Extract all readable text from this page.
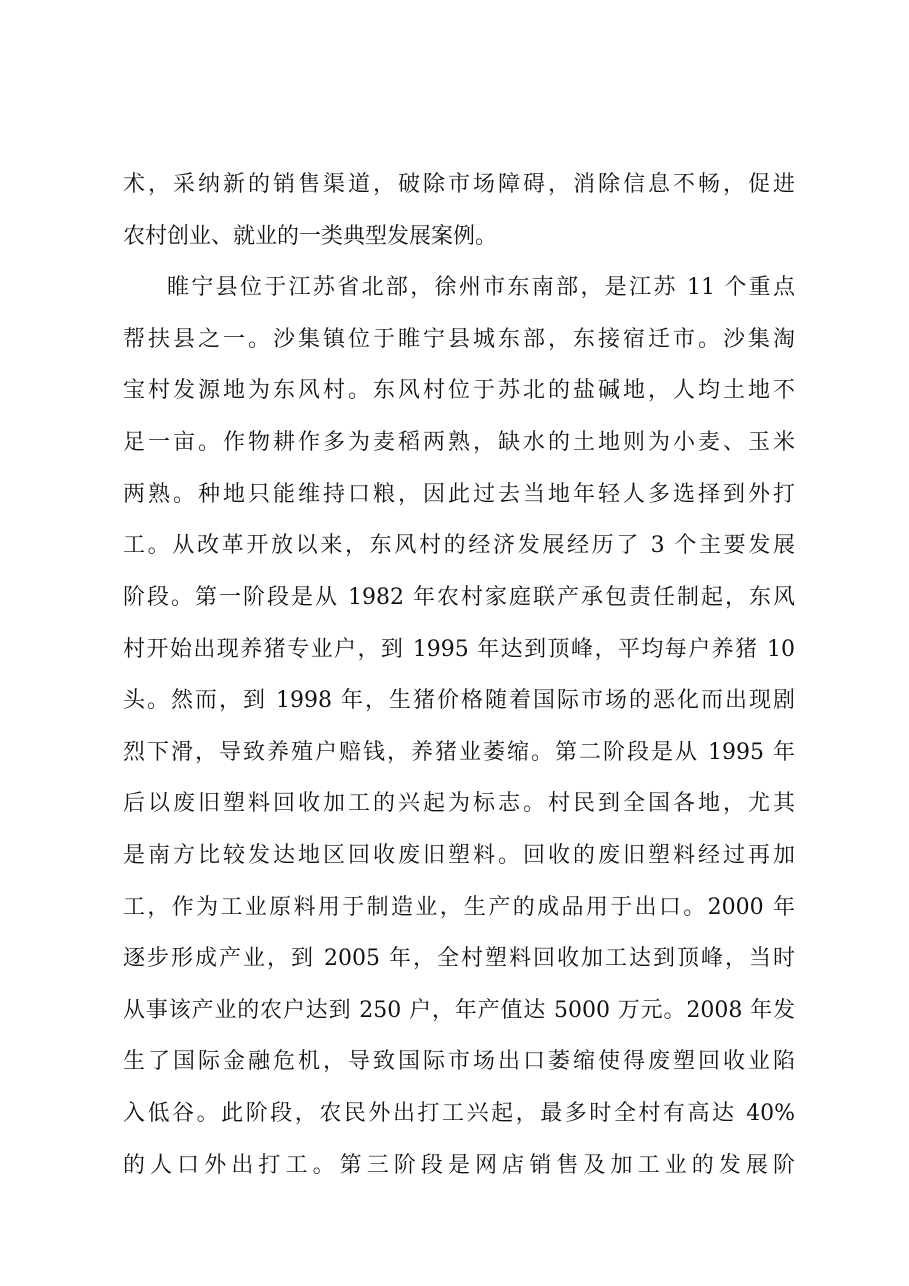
术，采纳新的销售渠道，破除市场障碍，消除信息不畅，促进
农村创业、就业的一类典型发展案例。
睢宁县位于江苏省北部，徐州市东南部，是江苏 11 个重点
帮扶县之一。沙集镇位于睢宁县城东部，东接宿迁市。沙集淘
宝村发源地为东风村。东风村位于苏北的盐碱地，人均土地不
足一亩。作物耕作多为麦稻两熟，缺水的土地则为小麦、玉米
两熟。种地只能维持口粮，因此过去当地年轻人多选择到外打
工。从改革开放以来，东风村的经济发展经历了 3 个主要发展
阶段。第一阶段是从 1982 年农村家庭联产承包责任制起，东风
村开始出现养猪专业户，到 1995 年达到顶峰，平均每户养猪 10
头。然而，到 1998 年，生猪价格随着国际市场的恶化而出现剧
烈下滑，导致养殖户赔钱，养猪业萎缩。第二阶段是从 1995 年
后以废旧塑料回收加工的兴起为标志。村民到全国各地，尤其
是南方比较发达地区回收废旧塑料。回收的废旧塑料经过再加
工，作为工业原料用于制造业，生产的成品用于出口。2000 年
逐步形成产业，到 2005 年，全村塑料回收加工达到顶峰，当时
从事该产业的农户达到 250 户，年产值达 5000 万元。2008 年发
生了国际金融危机，导致国际市场出口萎缩使得废塑回收业陷
入低谷。此阶段，农民外出打工兴起，最多时全村有高达 40%
的人口外出打工。第三阶段是网店销售及加工业的发展阶
